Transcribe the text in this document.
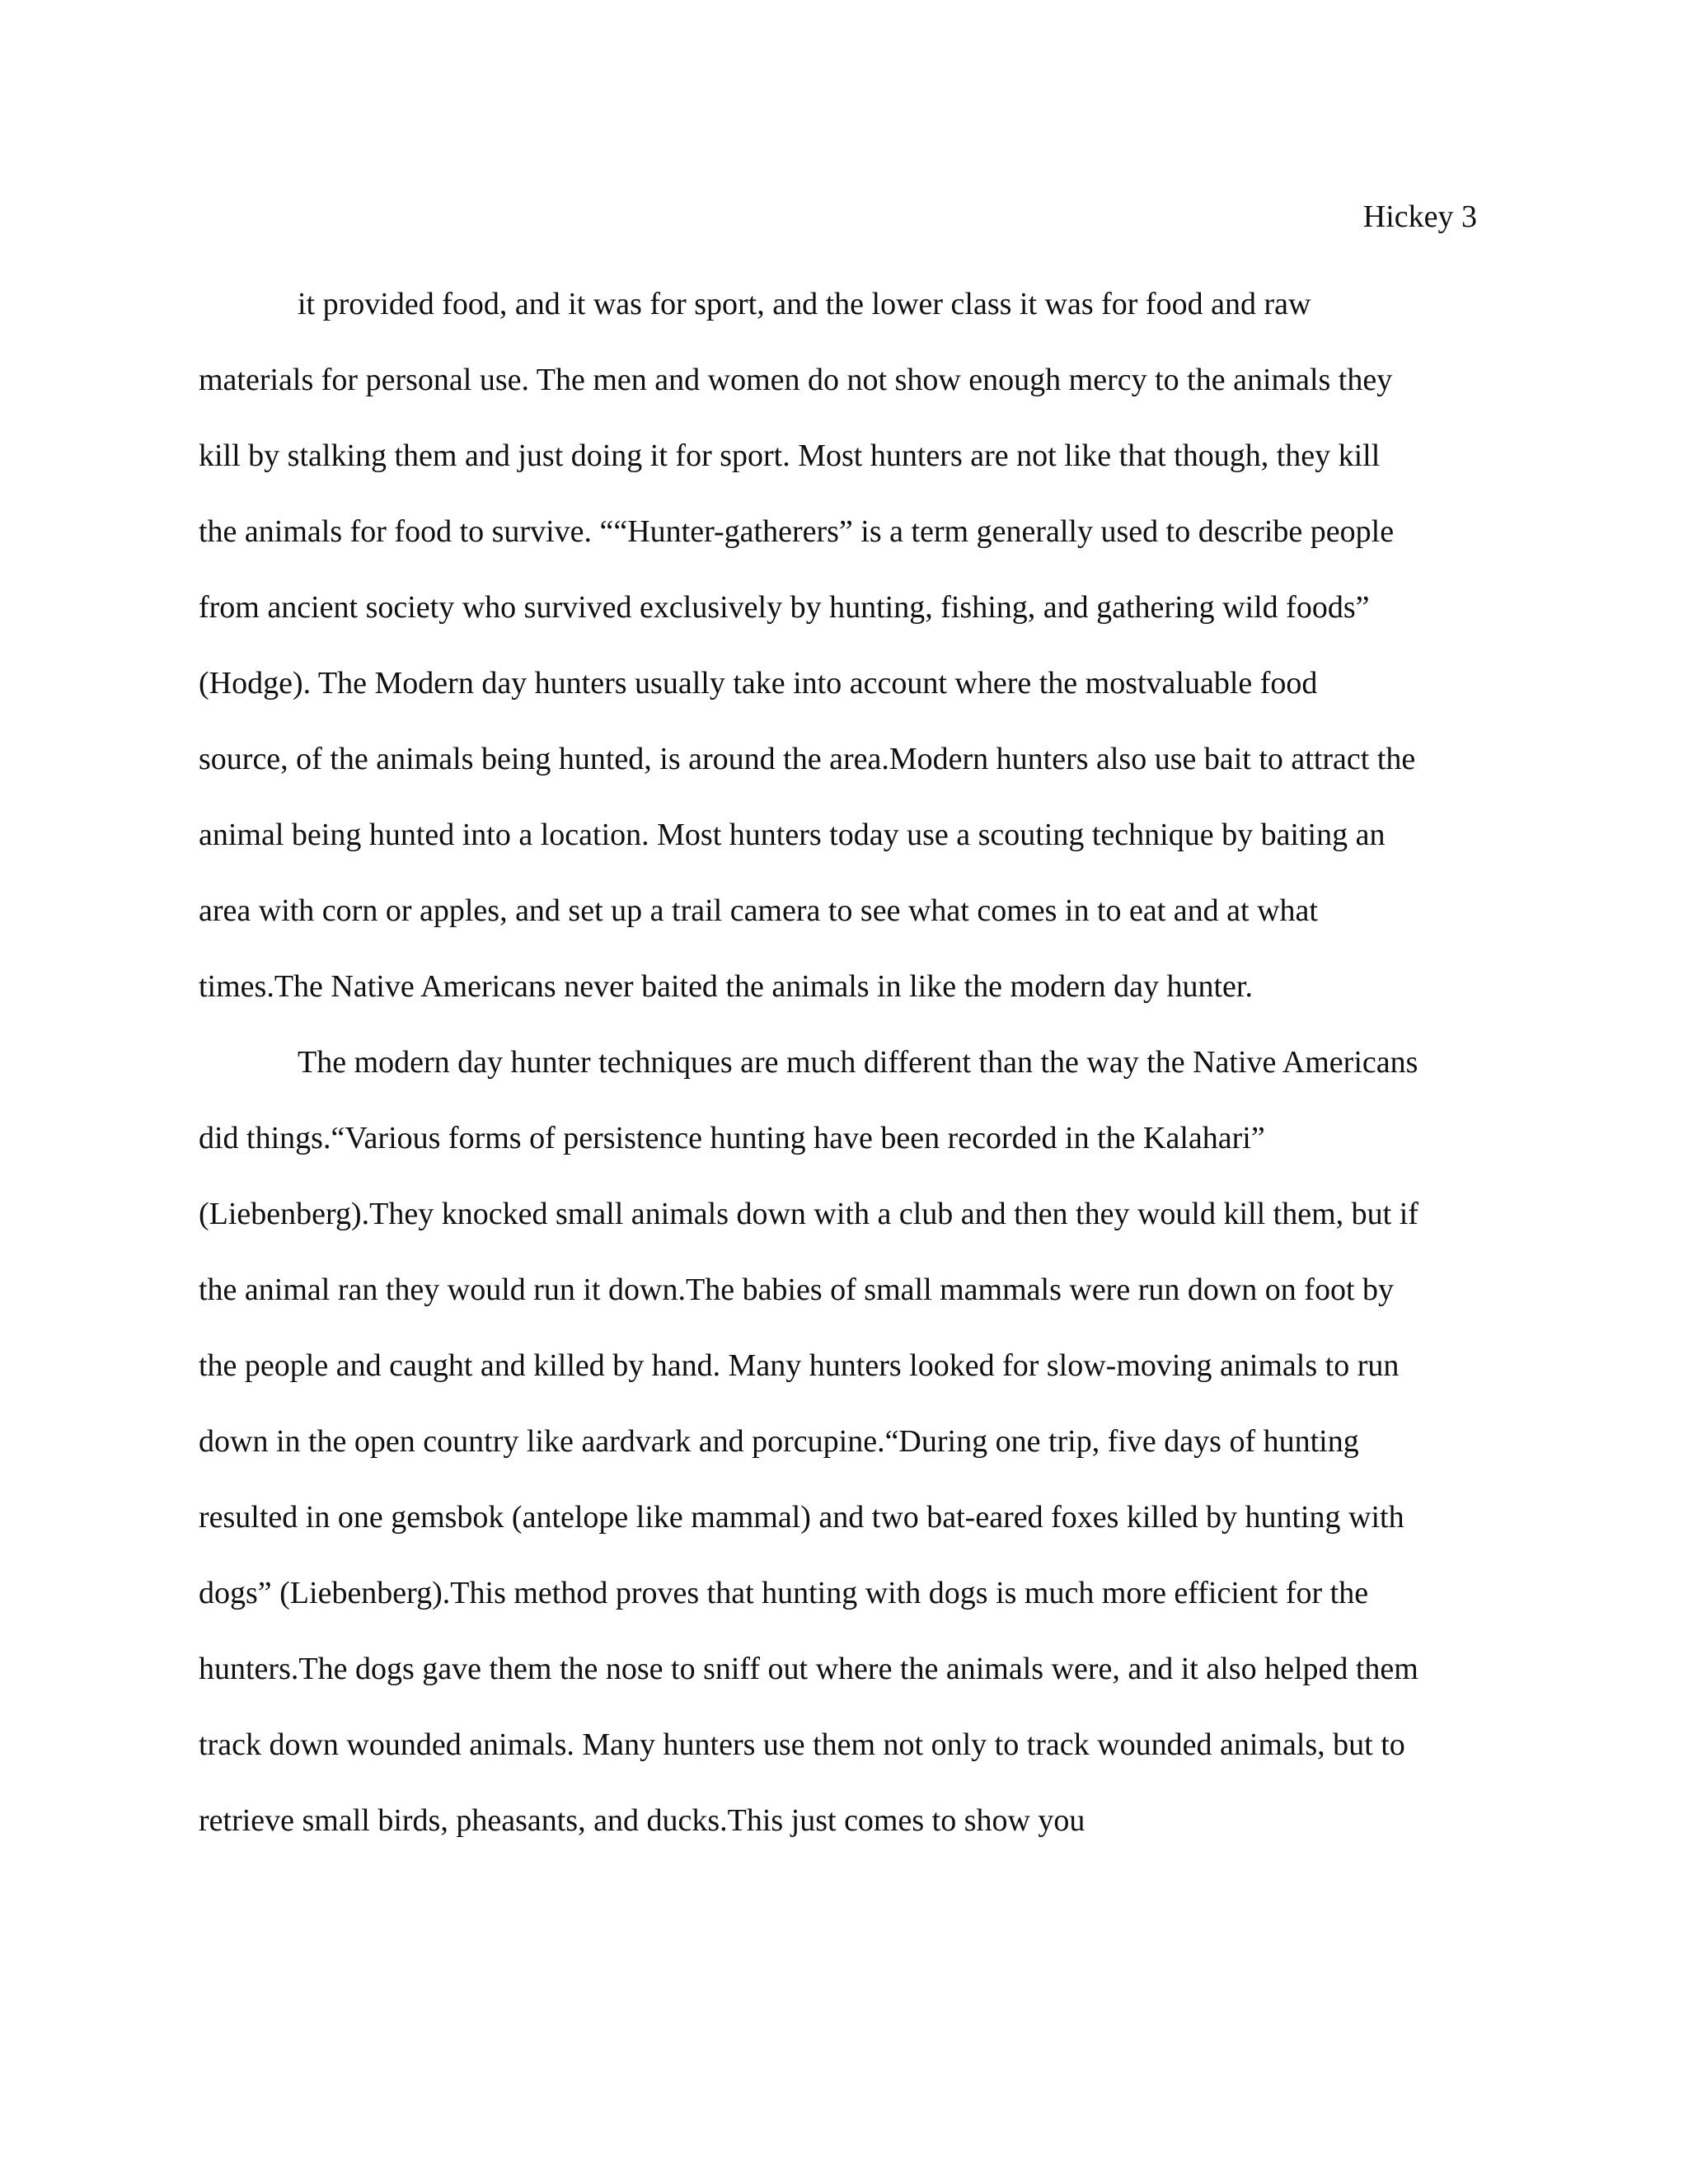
Hickey 3
it provided food, and it was for sport, and the lower class it was for food and raw
materials for personal use. The men and women do not show enough mercy to the animals they
kill by stalking them and just doing it for sport. Most hunters are not like that though, they kill
the animals for food to survive. ““Hunter-gatherers” is a term generally used to describe people
from ancient society who survived exclusively by hunting, fishing, and gathering wild foods”
(Hodge). The Modern day hunters usually take into account where the mostvaluable food
source, of the animals being hunted, is around the area.Modern hunters also use bait to attract the
animal being hunted into a location. Most hunters today use a scouting technique by baiting an
area with corn or apples, and set up a trail camera to see what comes in to eat and at what
times.The Native Americans never baited the animals in like the modern day hunter.
The modern day hunter techniques are much different than the way the Native Americans
did things.“Various forms of persistence hunting have been recorded in the Kalahari”
(Liebenberg).They knocked small animals down with a club and then they would kill them, but if
the animal ran they would run it down.The babies of small mammals were run down on foot by
the people and caught and killed by hand. Many hunters looked for slow-moving animals to run
down in the open country like aardvark and porcupine.“During one trip, five days of hunting
resulted in one gemsbok (antelope like mammal) and two bat-eared foxes killed by hunting with
dogs” (Liebenberg).This method proves that hunting with dogs is much more efficient for the
hunters.The dogs gave them the nose to sniff out where the animals were, and it also helped them
track down wounded animals. Many hunters use them not only to track wounded animals, but to
retrieve small birds, pheasants, and ducks.This just comes to show you
